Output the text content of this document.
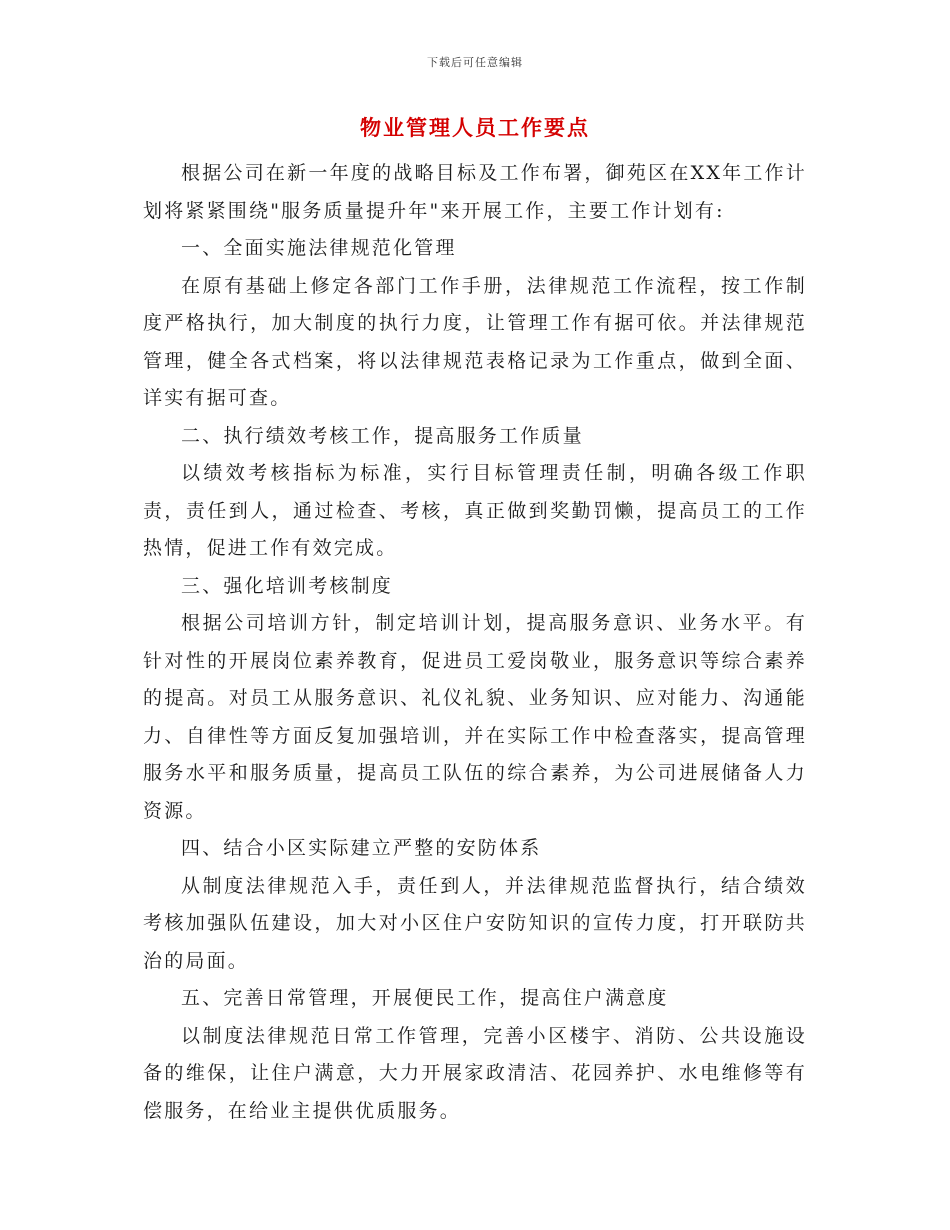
下载后可任意编辑
物业管理人员工作要点

根据公司在新一年度的战略目标及工作布署，御苑区在XX年工作计划将紧紧围绕"服务质量提升年"来开展工作，主要工作计划有:

一、全面实施法律规范化管理

在原有基础上修定各部门工作手册，法律规范工作流程，按工作制度严格执行，加大制度的执行力度，让管理工作有据可依。并法律规范管理，健全各式档案，将以法律规范表格记录为工作重点，做到全面、详实有据可查。

二、执行绩效考核工作，提高服务工作质量

以绩效考核指标为标准，实行目标管理责任制，明确各级工作职责，责任到人，通过检查、考核，真正做到奖勤罚懒，提高员工的工作热情，促进工作有效完成。

三、强化培训考核制度

根据公司培训方针，制定培训计划，提高服务意识、业务水平。有针对性的开展岗位素养教育，促进员工爱岗敬业，服务意识等综合素养的提高。对员工从服务意识、礼仪礼貌、业务知识、应对能力、沟通能力、自律性等方面反复加强培训，并在实际工作中检查落实，提高管理服务水平和服务质量，提高员工队伍的综合素养，为公司进展储备人力资源。

四、结合小区实际建立严整的安防体系

从制度法律规范入手，责任到人，并法律规范监督执行，结合绩效考核加强队伍建设，加大对小区住户安防知识的宣传力度，打开联防共治的局面。

五、完善日常管理，开展便民工作，提高住户满意度

以制度法律规范日常工作管理，完善小区楼宇、消防、公共设施设备的维保，让住户满意，大力开展家政清洁、花园养护、水电维修等有偿服务，在给业主提供优质服务。
